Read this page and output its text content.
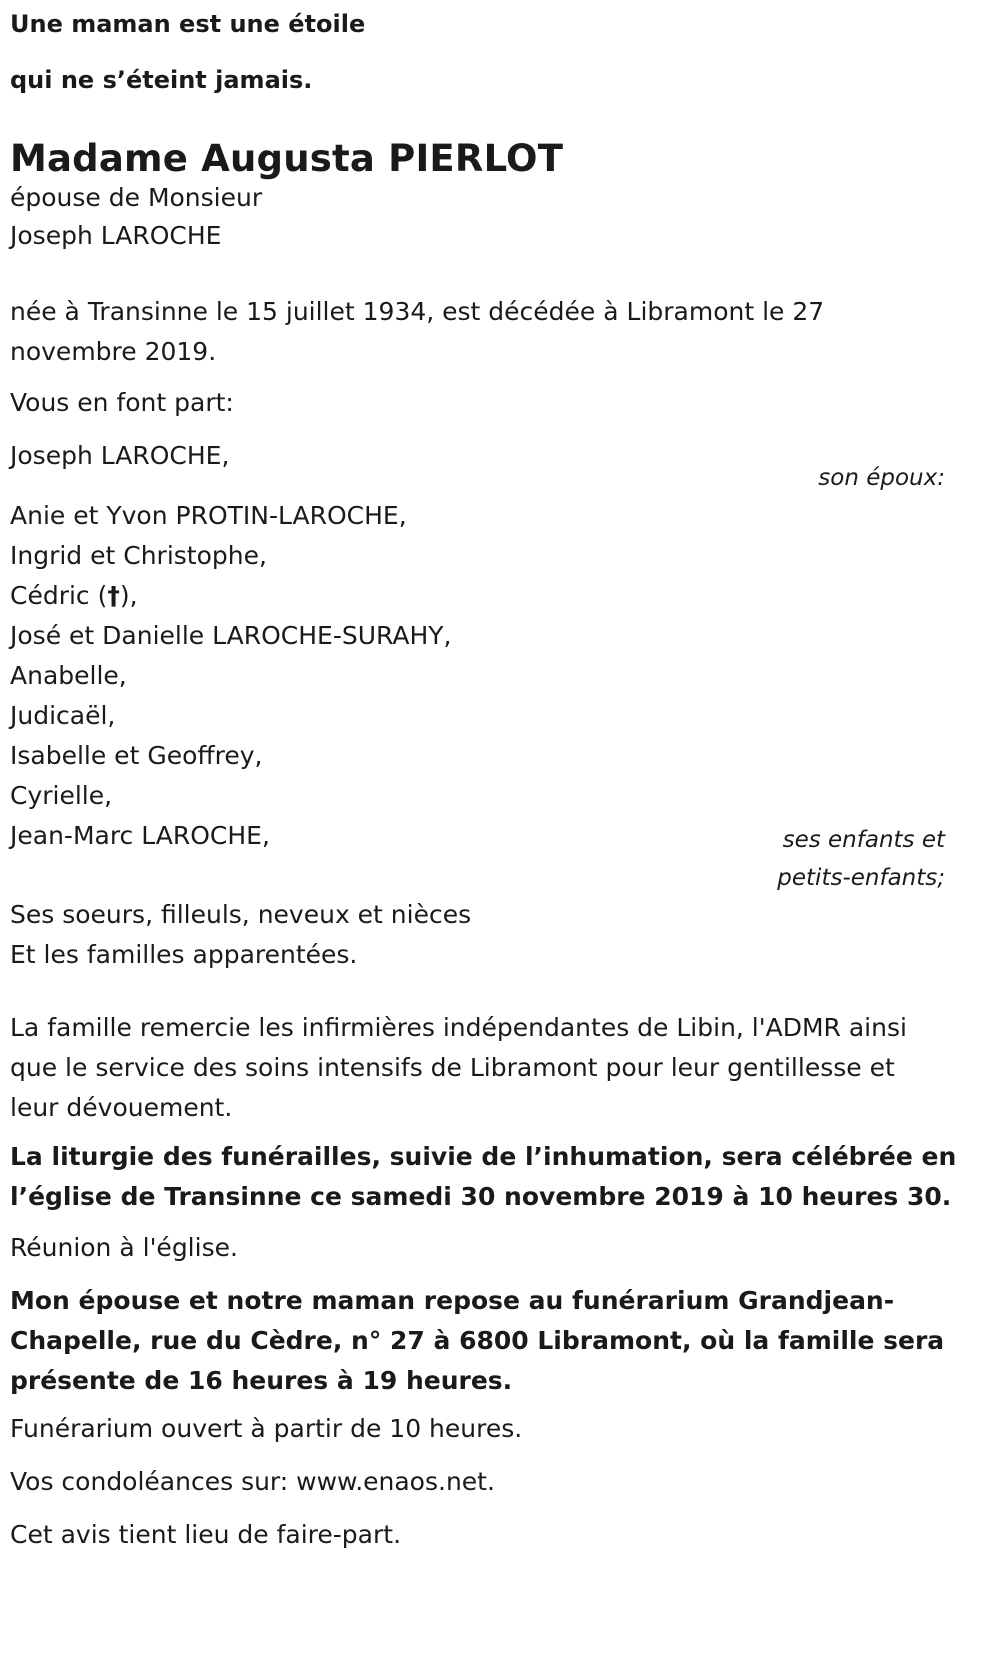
Une maman est une étoile

qui ne s’éteint jamais.

Madame Augusta PIERLOT

épouse de Monsieur

Joseph LAROCHE

née à Transinne le 15 juillet 1934, est décédée à Libramont le 27
novembre 2019.

Vous en font part:

Joseph LAROCHE,

son époux:
Anie et Yvon PROTIN-LAROCHE,
Ingrid et Christophe,
Cédric (†),
José et Danielle LAROCHE-SURAHY,
Anabelle,
Judicaël,
Isabelle et Geoffrey,
Cyrielle,
Jean-Marc LAROCHE,	ses enfants et
petits-enfants;
Ses soeurs, filleuls, neveux et nièces
Et les familles apparentées.
La famille remercie les infirmières indépendantes de Libin, l'ADMR ainsi
que le service des soins intensifs de Libramont pour leur gentillesse et
leur dévouement.
La liturgie des funérailles, suivie de l’inhumation, sera célébrée en
l’église de Transinne ce samedi 30 novembre 2019 à 10 heures 30.

Réunion à l'église.

Mon épouse et notre maman repose au funérarium Grandjean-
Chapelle, rue du Cèdre, n° 27 à 6800 Libramont, où la famille sera
présente de 16 heures à 19 heures.

Funérarium ouvert à partir de 10 heures.

Vos condoléances sur: www.enaos.net.

Cet avis tient lieu de faire-part.
